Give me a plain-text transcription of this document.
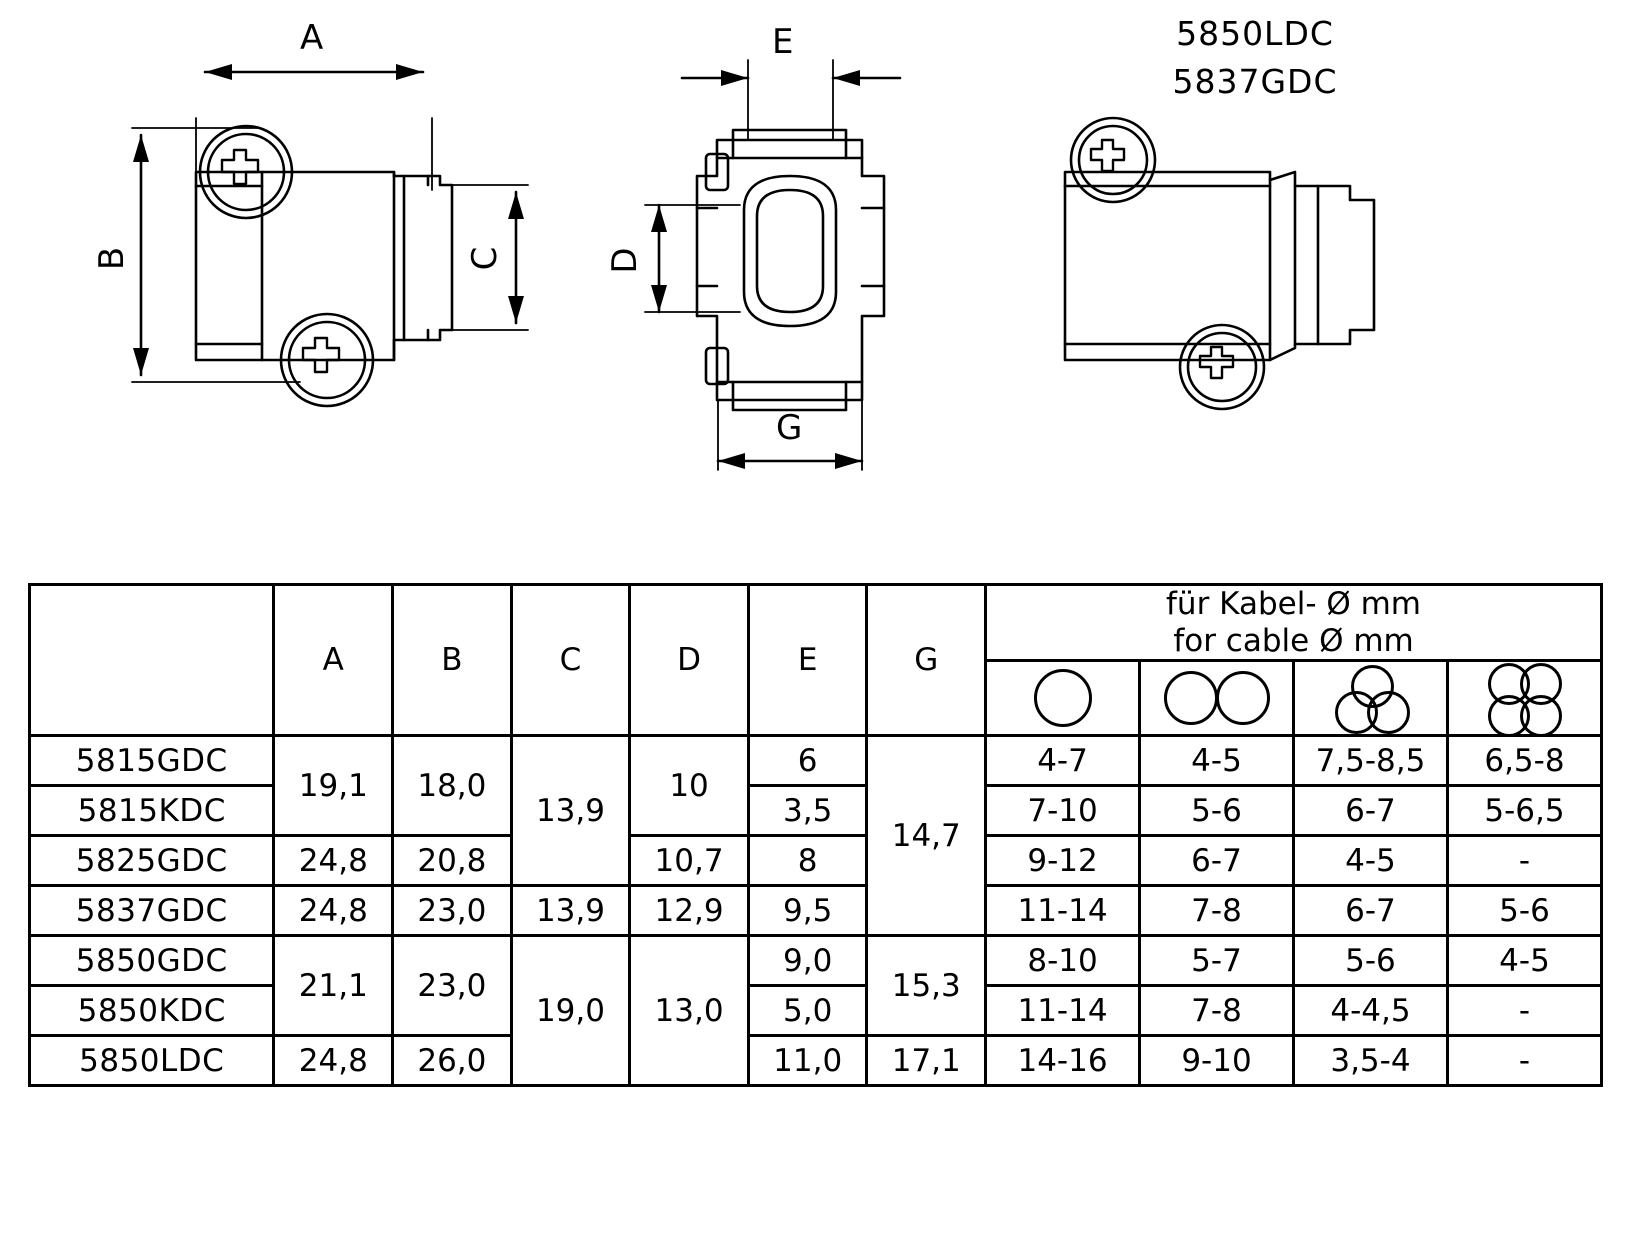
A
B	C
E
D
G
5850LDC
5837GDC
	A	B	C	D	E	G	für Kabel- Ø mm
for cable Ø mm			

5815GDC	19,1	18,0	13,9	10	6	14,7	4-7	4-5	7,5-8,5	6,5-8
5815KDC					3,5		7-10	5-6	6-7	5-6,5
5825GDC	24,8	20,8		10,7	8		9-12	6-7	4-5	-
5837GDC	24,8	23,0	13,9	12,9	9,5		11-14	7-8	6-7	5-6
5850GDC	21,1	23,0	19,0	13,0	9,0	15,3	8-10	5-7	5-6	4-5
5850KDC					5,0		11-14	7-8	4-4,5	-
5850LDC	24,8	26,0			11,0	17,1	14-16	9-10	3,5-4	-
